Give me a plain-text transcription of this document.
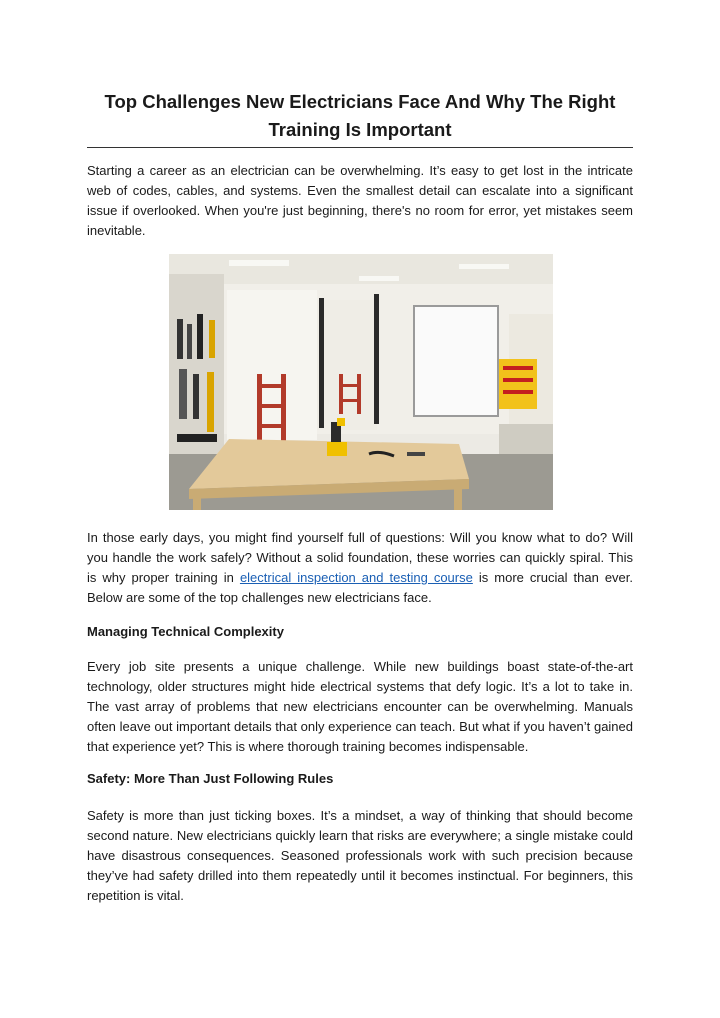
Top Challenges New Electricians Face And Why The Right Training Is Important

Starting a career as an electrician can be overwhelming. It’s easy to get lost in the intricate web of codes, cables, and systems. Even the smallest detail can escalate into a significant issue if overlooked. When you're just beginning, there's no room for error, yet mistakes seem inevitable.

In those early days, you might find yourself full of questions: Will you know what to do? Will you handle the work safely? Without a solid foundation, these worries can quickly spiral. This is why proper training in electrical inspection and testing course is more crucial than ever. Below are some of the top challenges new electricians face.

Managing Technical Complexity

Every job site presents a unique challenge. While new buildings boast state-of-the-art technology, older structures might hide electrical systems that defy logic. It’s a lot to take in. The vast array of problems that new electricians encounter can be overwhelming. Manuals often leave out important details that only experience can teach. But what if you haven’t gained that experience yet? This is where thorough training becomes indispensable.

Safety: More Than Just Following Rules

Safety is more than just ticking boxes. It’s a mindset, a way of thinking that should become second nature. New electricians quickly learn that risks are everywhere; a single mistake could have disastrous consequences. Seasoned professionals work with such precision because they’ve had safety drilled into them repeatedly until it becomes instinctual. For beginners, this repetition is vital.
